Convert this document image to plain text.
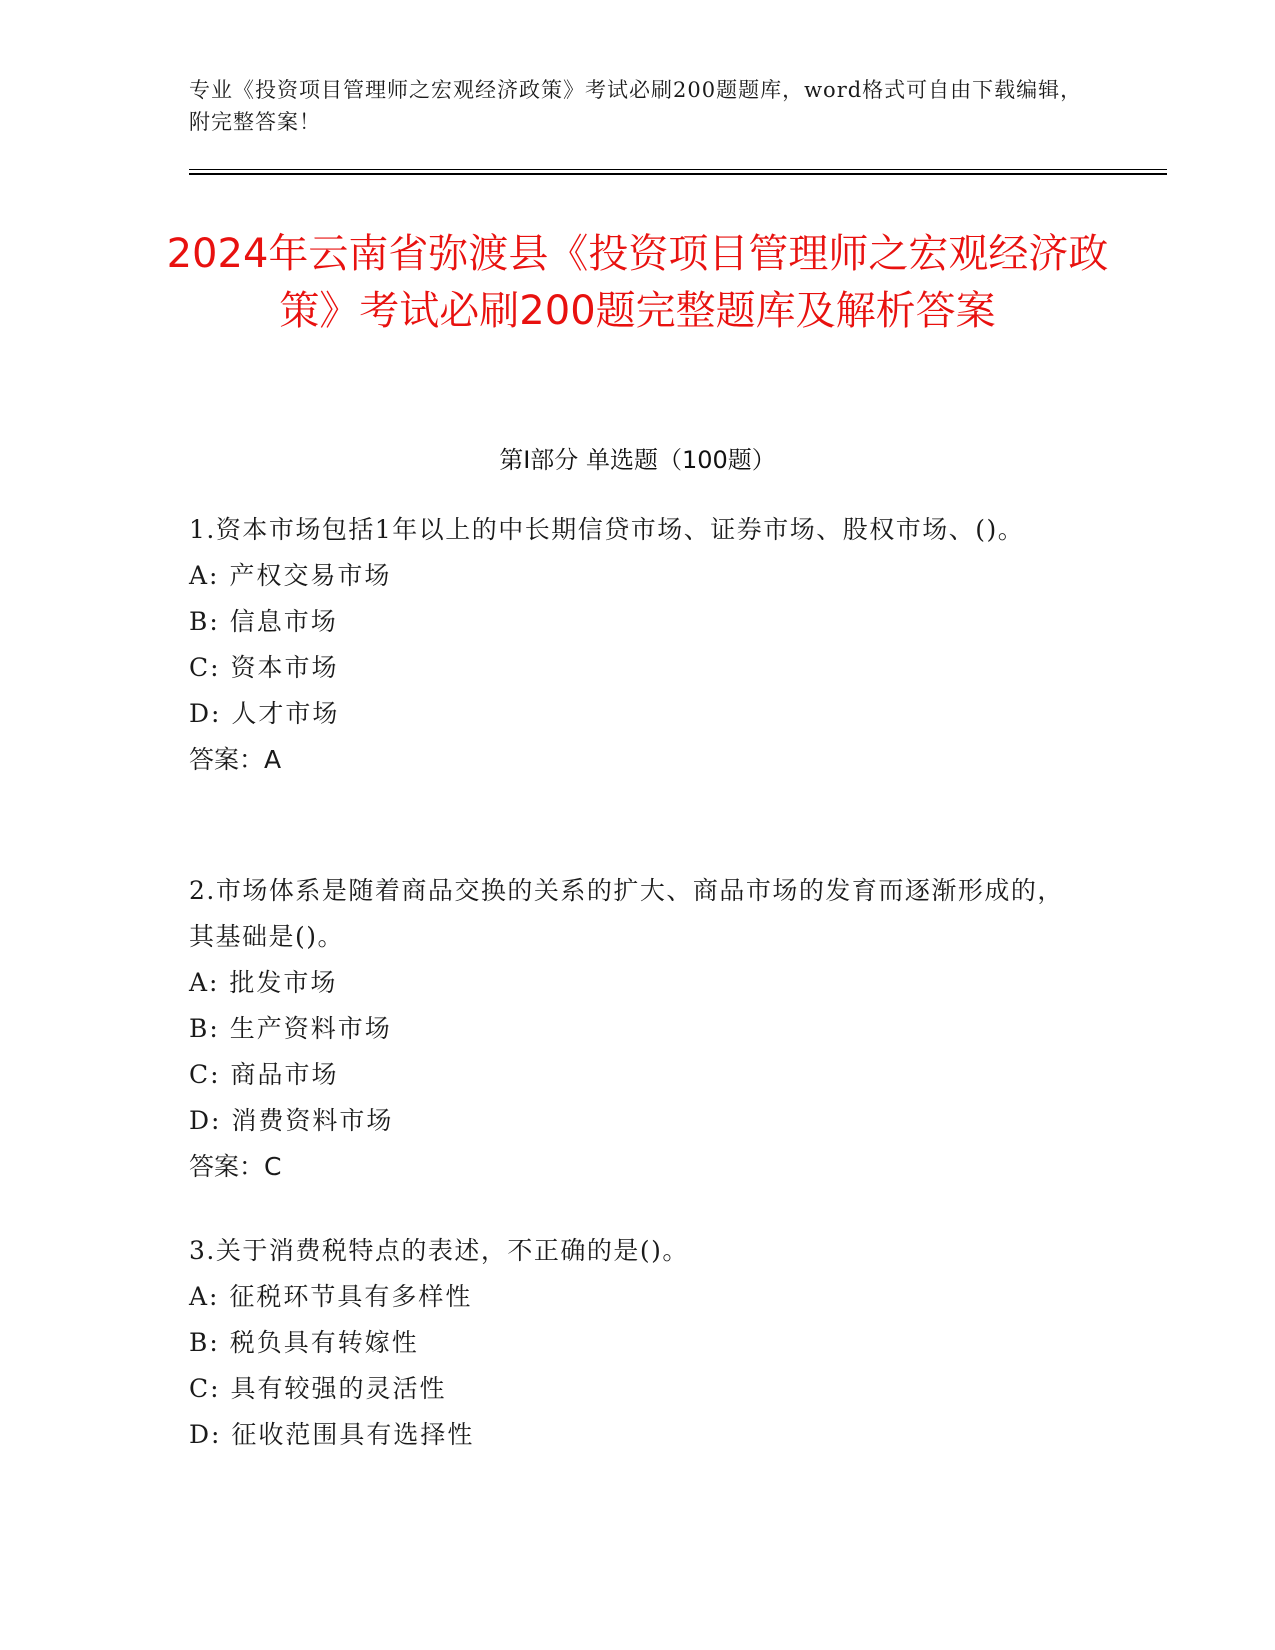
专业《投资项目管理师之宏观经济政策》考试必刷200题题库，word格式可自由下载编辑，附完整答案！
2024年云南省弥渡县《投资项目管理师之宏观经济政策》考试必刷200题完整题库及解析答案
第Ⅰ部分 单选题（100题）
1.资本市场包括1年以上的中长期信贷市场、证券市场、股权市场、()。
A: 产权交易市场
B: 信息市场
C: 资本市场
D: 人才市场
答案：A
2.市场体系是随着商品交换的关系的扩大、商品市场的发育而逐渐形成的，其基础是()。
A: 批发市场
B: 生产资料市场
C: 商品市场
D: 消费资料市场
答案：C
3.关于消费税特点的表述，不正确的是()。
A: 征税环节具有多样性
B: 税负具有转嫁性
C: 具有较强的灵活性
D: 征收范围具有选择性
